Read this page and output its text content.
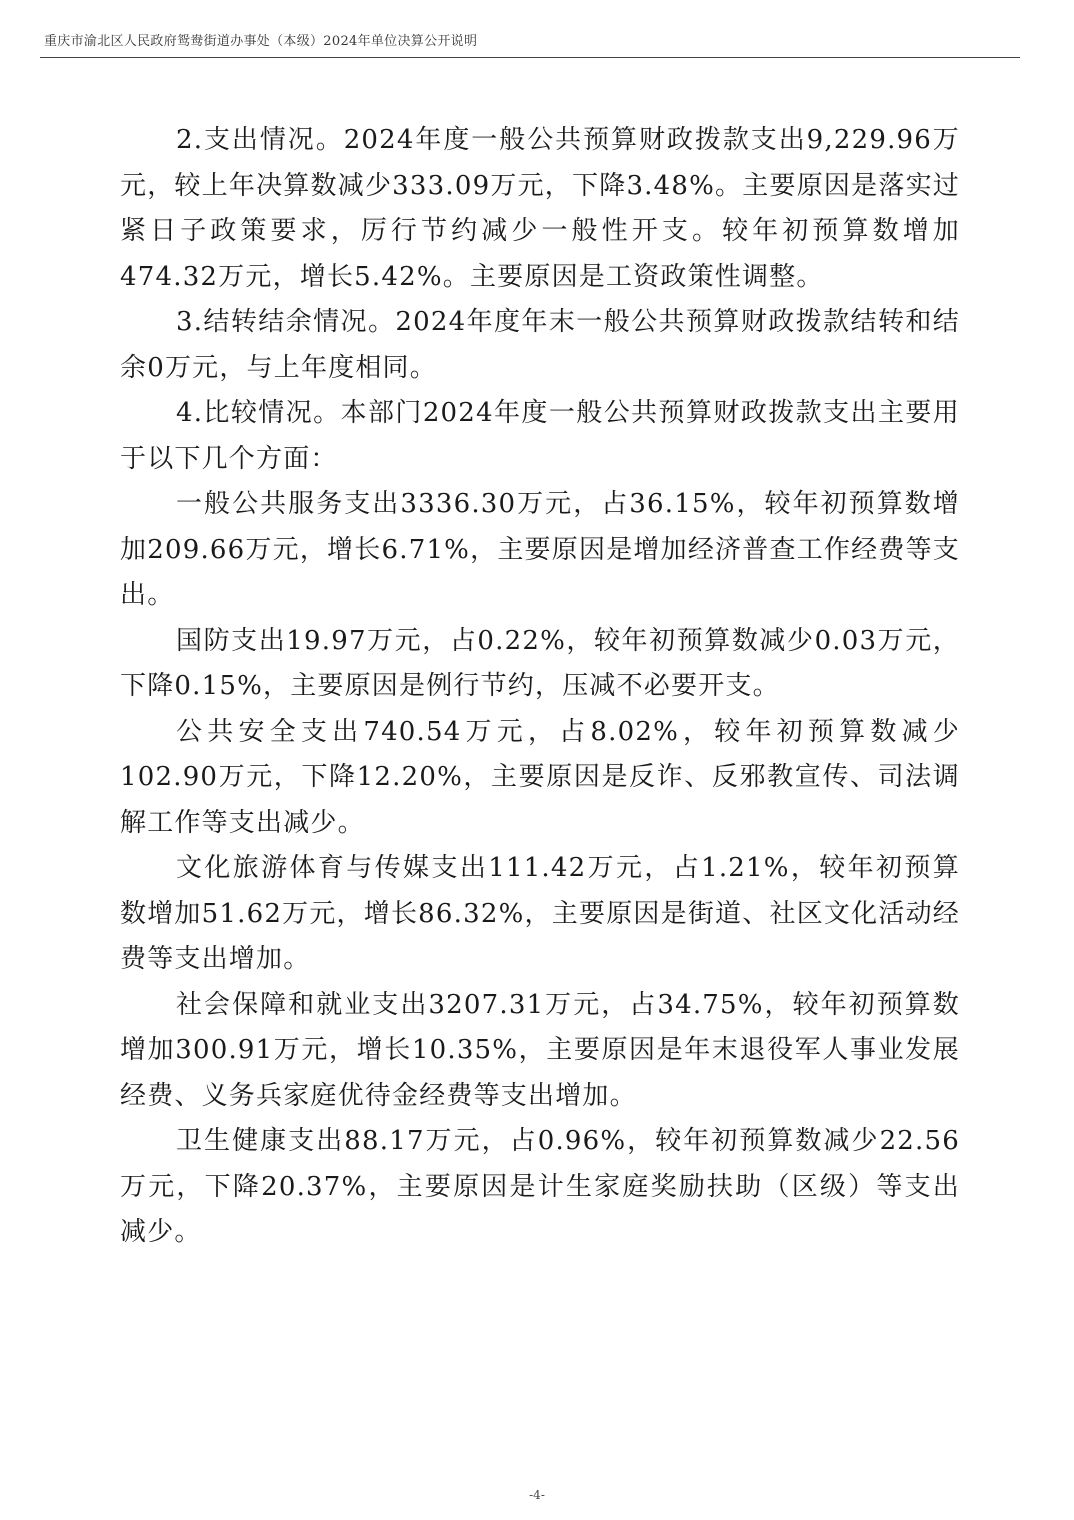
重庆市渝北区人民政府鸳鸯街道办事处（本级）2024年单位决算公开说明

2.支出情况。2024年度一般公共预算财政拨款支出9,229.96万元，较上年决算数减少333.09万元，下降3.48%。主要原因是落实过紧日子政策要求，厉行节约减少一般性开支。较年初预算数增加474.32万元，增长5.42%。主要原因是工资政策性调整。

3.结转结余情况。2024年度年末一般公共预算财政拨款结转和结余0万元，与上年度相同。

4.比较情况。本部门2024年度一般公共预算财政拨款支出主要用于以下几个方面：

一般公共服务支出3336.30万元，占36.15%，较年初预算数增加209.66万元，增长6.71%，主要原因是增加经济普查工作经费等支出。

国防支出19.97万元，占0.22%，较年初预算数减少0.03万元，下降0.15%，主要原因是例行节约，压减不必要开支。

公共安全支出740.54万元，占8.02%，较年初预算数减少102.90万元，下降12.20%，主要原因是反诈、反邪教宣传、司法调解工作等支出减少。

文化旅游体育与传媒支出111.42万元，占1.21%，较年初预算数增加51.62万元，增长86.32%，主要原因是街道、社区文化活动经费等支出增加。

社会保障和就业支出3207.31万元，占34.75%，较年初预算数增加300.91万元，增长10.35%，主要原因是年末退役军人事业发展经费、义务兵家庭优待金经费等支出增加。

卫生健康支出88.17万元，占0.96%，较年初预算数减少22.56万元，下降20.37%，主要原因是计生家庭奖励扶助（区级）等支出减少。

-4-
